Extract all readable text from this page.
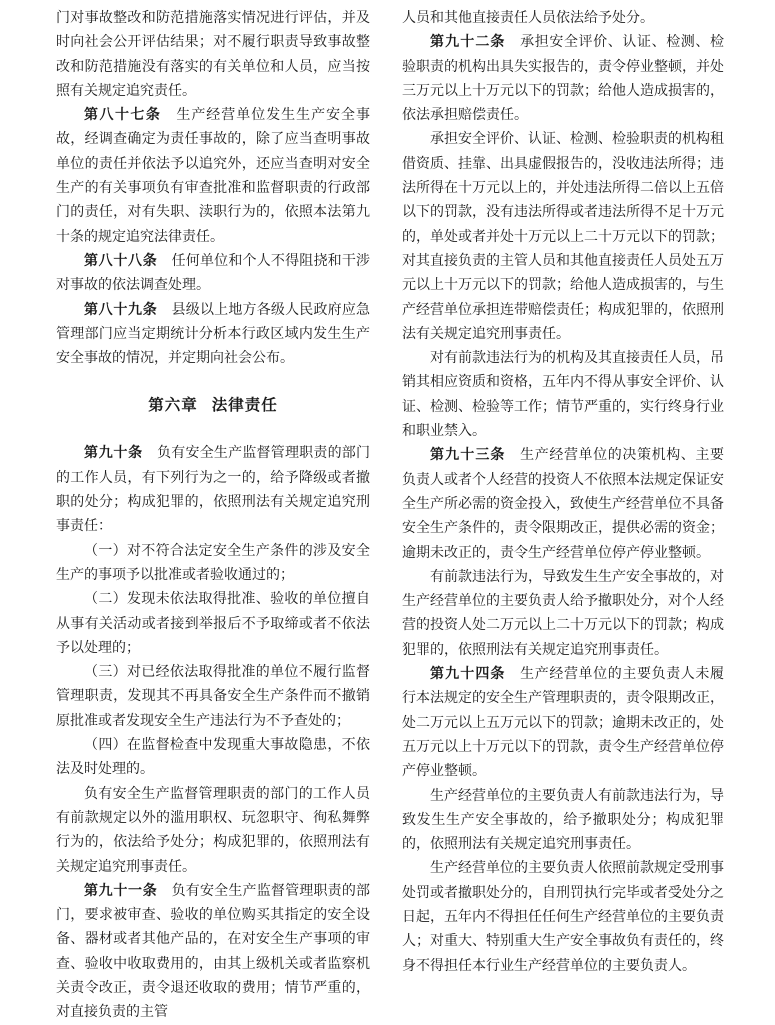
门对事故整改和防范措施落实情况进行评估，并及时向社会公开评估结果；对不履行职责导致事故整改和防范措施没有落实的有关单位和人员，应当按照有关规定追究责任。

第八十七条　 生产经营单位发生生产安全事故，经调查确定为责任事故的，除了应当查明事故单位的责任并依法予以追究外，还应当查明对安全生产的有关事项负有审查批准和监督职责的行政部门的责任，对有失职、渎职行为的，依照本法第九十条的规定追究法律责任。

第八十八条　 任何单位和个人不得阻挠和干涉对事故的依法调查处理。

第八十九条　 县级以上地方各级人民政府应急管理部门应当定期统计分析本行政区域内发生生产安全事故的情况，并定期向社会公布。

第六章 法律责任

第九十条　 负有安全生产监督管理职责的部门的工作人员，有下列行为之一的，给予降级或者撤职的处分；构成犯罪的，依照刑法有关规定追究刑事责任：

（一）对不符合法定安全生产条件的涉及安全生产的事项予以批准或者验收通过的；

（二）发现未依法取得批准、验收的单位擅自从事有关活动或者接到举报后不予取缔或者不依法予以处理的；

（三）对已经依法取得批准的单位不履行监督管理职责，发现其不再具备安全生产条件而不撤销原批准或者发现安全生产违法行为不予查处的；

（四）在监督检查中发现重大事故隐患，不依法及时处理的。

负有安全生产监督管理职责的部门的工作人员有前款规定以外的滥用职权、玩忽职守、徇私舞弊行为的，依法给予处分；构成犯罪的，依照刑法有关规定追究刑事责任。

第九十一条　 负有安全生产监督管理职责的部门，要求被审查、验收的单位购买其指定的安全设备、器材或者其他产品的，在对安全生产事项的审查、验收中收取费用的，由其上级机关或者监察机关责令改正，责令退还收取的费用；情节严重的，对直接负责的主管

人员和其他直接责任人员依法给予处分。

第九十二条　 承担安全评价、认证、检测、检验职责的机构出具失实报告的，责令停业整顿，并处三万元以上十万元以下的罚款；给他人造成损害的，依法承担赔偿责任。

承担安全评价、认证、检测、检验职责的机构租借资质、挂靠、出具虚假报告的，没收违法所得；违法所得在十万元以上的，并处违法所得二倍以上五倍以下的罚款，没有违法所得或者违法所得不足十万元的，单处或者并处十万元以上二十万元以下的罚款；对其直接负责的主管人员和其他直接责任人员处五万元以上十万元以下的罚款；给他人造成损害的，与生产经营单位承担连带赔偿责任；构成犯罪的，依照刑法有关规定追究刑事责任。

对有前款违法行为的机构及其直接责任人员，吊销其相应资质和资格，五年内不得从事安全评价、认证、检测、检验等工作；情节严重的，实行终身行业和职业禁入。

第九十三条　 生产经营单位的决策机构、主要负责人或者个人经营的投资人不依照本法规定保证安全生产所必需的资金投入，致使生产经营单位不具备安全生产条件的，责令限期改正，提供必需的资金；逾期未改正的，责令生产经营单位停产停业整顿。

有前款违法行为，导致发生生产安全事故的，对生产经营单位的主要负责人给予撤职处分，对个人经营的投资人处二万元以上二十万元以下的罚款；构成犯罪的，依照刑法有关规定追究刑事责任。

第九十四条　 生产经营单位的主要负责人未履行本法规定的安全生产管理职责的，责令限期改正，处二万元以上五万元以下的罚款；逾期未改正的，处五万元以上十万元以下的罚款，责令生产经营单位停产停业整顿。

生产经营单位的主要负责人有前款违法行为，导致发生生产安全事故的，给予撤职处分；构成犯罪的，依照刑法有关规定追究刑事责任。

生产经营单位的主要负责人依照前款规定受刑事处罚或者撤职处分的，自刑罚执行完毕或者受处分之日起，五年内不得担任任何生产经营单位的主要负责人；对重大、特别重大生产安全事故负有责任的，终身不得担任本行业生产经营单位的主要负责人。
